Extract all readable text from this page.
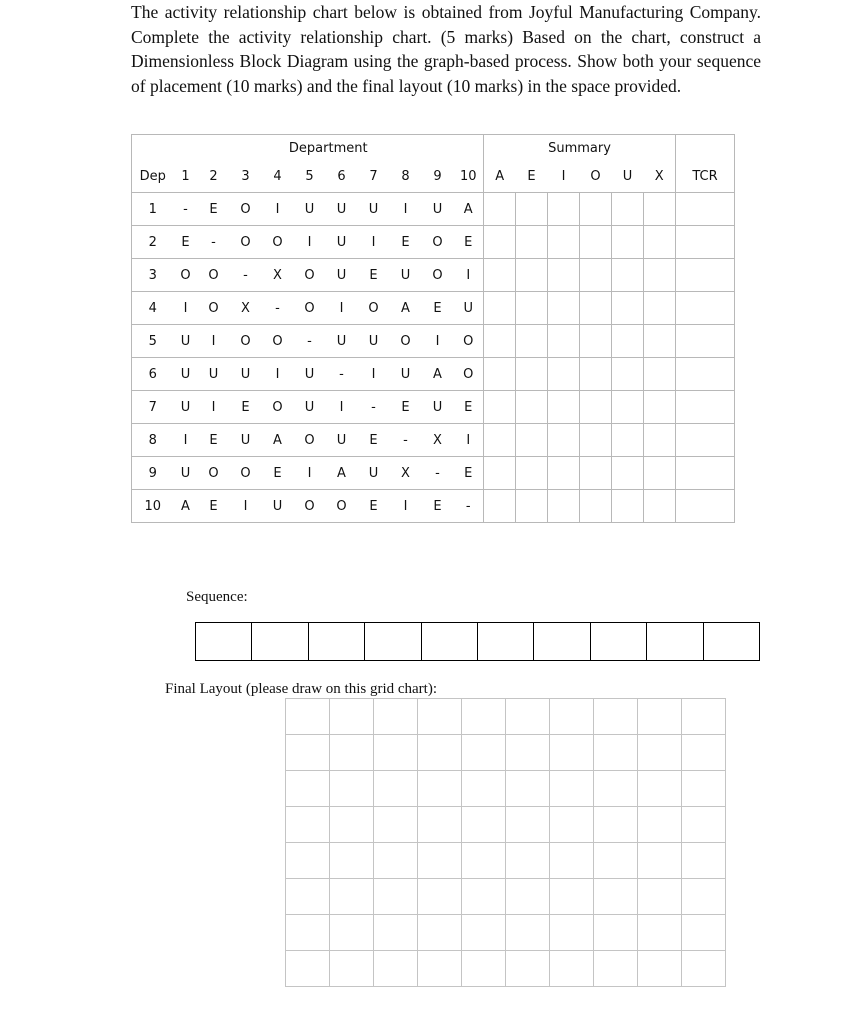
The activity relationship chart below is obtained from Joyful Manufacturing Company. Complete the activity relationship chart. (5 marks) Based on the chart, construct a Dimensionless Block Diagram using the graph-based process. Show both your sequence of placement (10 marks) and the final layout (10 marks) in the space provided.

	Department										Summary						
Dep	1	2	3	4	5	6	7	8	9	10	A	E	I	O	U	X	TCR
1	-	E	O	I	U	U	U	I	U	A							
2	E	-	O	O	I	U	I	E	O	E							
3	O	O	-	X	O	U	E	U	O	I							
4	I	O	X	-	O	I	O	A	E	U							
5	U	I	O	O	-	U	U	O	I	O							
6	U	U	U	I	U	-	I	U	A	O							
7	U	I	E	O	U	I	-	E	U	E							
8	I	E	U	A	O	U	E	-	X	I							
9	U	O	O	E	I	A	U	X	-	E							
10	A	E	I	U	O	O	E	I	E	-							
Sequence:
Final Layout (please draw on this grid chart):
